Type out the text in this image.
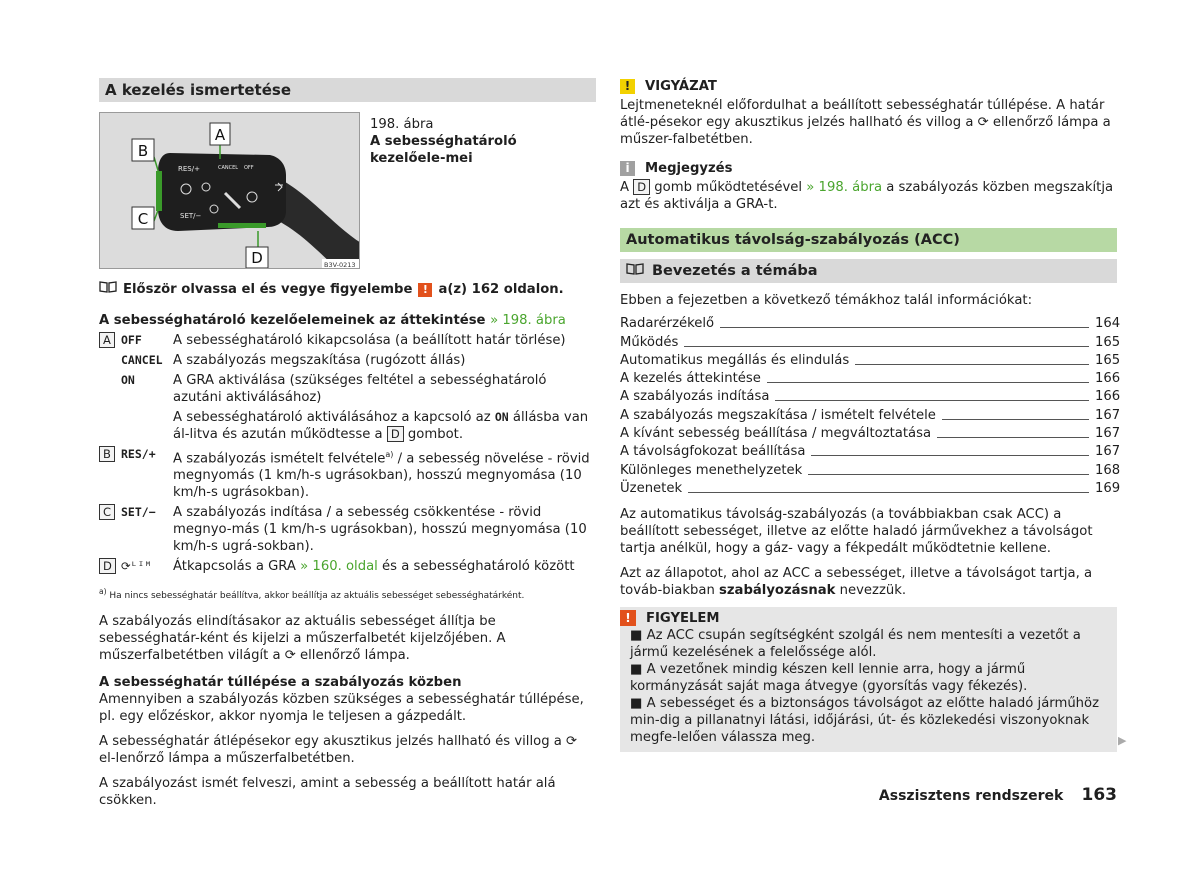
A kezelés ismertetése
RES/+	CANCEL OFF
SET/−
A
B
C
D	B3V-0213
198. ábra
A sebességhatároló kezelőele-mei
Először olvassa el és vegye figyelembe ! a(z) 162 oldalon.
A sebességhatároló kezelőelemeinek az áttekintése » 198. ábra
A OFF	A sebességhatároló kikapcsolása (a beállított határ törlése)
CANCEL A szabályozás megszakítása (rugózott állás)
ON	A GRA aktiválása (szükséges feltétel a sebességhatároló azutáni aktiválásához)
A sebességhatároló aktiválásához a kapcsoló az ON állásba van ál-litva és azután működtesse a D gombot.
B RES/+	A szabályozás ismételt felvétele$^{a)}$ / a sebesség növelése - rövid megnyomás (1 km/h-s ugrásokban), hosszú megnyomása (10 km/h-s ugrásokban).
C SET/−	A szabályozás indítása / a sebesség csökkentése - rövid megnyo-más (1 km/h-s ugrásokban), hosszú megnyomása (10 km/h-s ugrá-sokban).
D ⟳ᴸᴵᴹ	Átkapcsolás a GRA » 160. oldal és a sebességhatároló között
$^{a)}$ Ha nincs sebességhatár beállítva, akkor beállítja az aktuális sebességet sebességhatárként.

A szabályozás elindításakor az aktuális sebességet állítja be sebességhatár-ként és kijelzi a műszerfalbetét kijelzőjében. A műszerfalbetétben világít a ⟳ ellenőrző lámpa.

A sebességhatár túllépése a szabályozás közben

Amennyiben a szabályozás közben szükséges a sebességhatár túllépése, pl. egy előzéskor, akkor nyomja le teljesen a gázpedált.

A sebességhatár átlépésekor egy akusztikus jelzés hallható és villog a ⟳ el-lenőrző lámpa a műszerfalbetétben.

A szabályozást ismét felveszi, amint a sebesség a beállított határ alá csökken.

!	VIGYÁZAT

Lejtmeneteknél előfordulhat a beállított sebességhatár túllépése. A határ átlé-pésekor egy akusztikus jelzés hallható és villog a ⟳ ellenőrző lámpa a műszer-falbetétben.

i	Megjegyzés

A D gomb működtetésével » 198. ábra a szabályozás közben megszakítja azt és aktiválja a GRA-t.

Automatikus távolság-szabályozás (ACC)
Bevezetés a témába

Ebben a fejezetben a következő témákhoz talál információkat:

Radarérzékelő	164
Működés	165
Automatikus megállás és elindulás	165
A kezelés áttekintése	166
A szabályozás indítása	166
A szabályozás megszakítása / ismételt felvétele	167
A kívánt sebesség beállítása / megváltoztatása	167
A távolságfokozat beállítása	167
Különleges menethelyzetek	168
Üzenetek	169

Az automatikus távolság-szabályozás (a továbbiakban csak ACC) a beállított sebességet, illetve az előtte haladó járművekhez a távolságot tartja anélkül, hogy a gáz- vagy a fékpedált működtetnie kellene.

Azt az állapotot, ahol az ACC a sebességet, illetve a távolságot tartja, a továb-biakban szabályozásnak nevezzük.

!	FIGYELEM
■ Az ACC csupán segítségként szolgál és nem mentesíti a vezetőt a jármű kezelésének a felelőssége alól.
■ A vezetőnek mindig készen kell lennie arra, hogy a jármű kormányzását saját maga átvegye (gyorsítás vagy fékezés).
■ A sebességet és a biztonságos távolságot az előtte haladó járműhöz min-dig a pillanatnyi látási, időjárási, út- és közlekedési viszonyoknak megfe-lelően válassza meg.	▶
Asszisztens rendszerek 163
